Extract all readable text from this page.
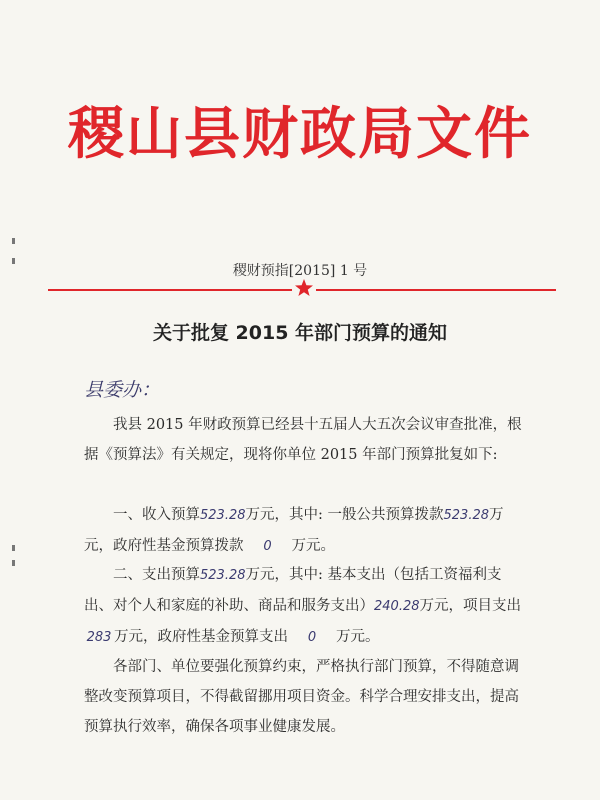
稷山县财政局文件
稷财预指[2015] 1 号
关于批复 2015 年部门预算的通知
县委办：
我县 2015 年财政预算已经县十五届人大五次会议审查批准，根据《预算法》有关规定，现将你单位 2015 年部门预算批复如下:
一、收入预算523.28万元，其中: 一般公共预算拨款523.28万元，政府性基金预算拨款 0 万元。
二、支出预算523.28万元，其中: 基本支出（包括工资福利支出、对个人和家庭的补助、商品和服务支出）240.28万元，项目支出283 万元，政府性基金预算支出 0 万元。
各部门、单位要强化预算约束，严格执行部门预算，不得随意调整改变预算项目，不得截留挪用项目资金。科学合理安排支出，提高预算执行效率，确保各项事业健康发展。
